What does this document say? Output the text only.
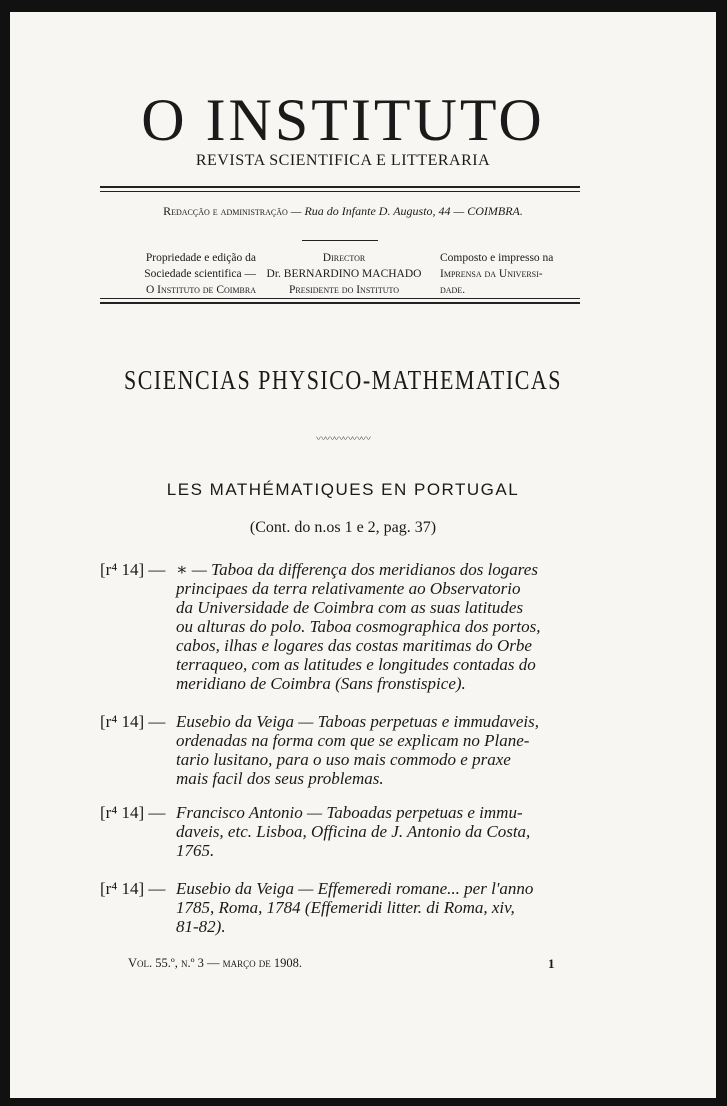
O INSTITUTO
REVISTA SCIENTIFICA E LITTERARIA
Redacção e administração — Rua do Infante D. Augusto, 44 — COIMBRA.
Propriedade e edição da
Sociedade scientifica —
O Instituto de Coimbra
Director
Dr. BERNARDINO MACHADO
Presidente do Instituto
Composto e impresso na
Imprensa da Universi-
dade.
SCIENCIAS PHYSICO-MATHEMATICAS
〰〰〰〰〰〰
LES MATHÉMATIQUES EN PORTUGAL
(Cont. do n.os 1 e 2, pag. 37)
[r⁴ 14] — ∗ — Taboa da differença dos meridianos dos logares
principaes da terra relativamente ao Observatorio
da Universidade de Coimbra com as suas latitudes
ou alturas do polo. Taboa cosmographica dos portos,
cabos, ilhas e logares das costas maritimas do Orbe
terraqueo, com as latitudes e longitudes contadas do
meridiano de Coimbra (Sans fronstispice).
[r⁴ 14] — Eusebio da Veiga — Taboas perpetuas e immudaveis,
ordenadas na forma com que se explicam no Plane-
tario lusitano, para o uso mais commodo e praxe
mais facil dos seus problemas.
[r⁴ 14] — Francisco Antonio — Taboadas perpetuas e immu-
daveis, etc. Lisboa, Officina de J. Antonio da Costa,
1765.
[r⁴ 14] — Eusebio da Veiga — Effemeredi romane... per l'anno
1785, Roma, 1784 (Effemeridi litter. di Roma, xiv,
81-82).
Vol. 55.º, n.º 3 — março de 1908.	1
